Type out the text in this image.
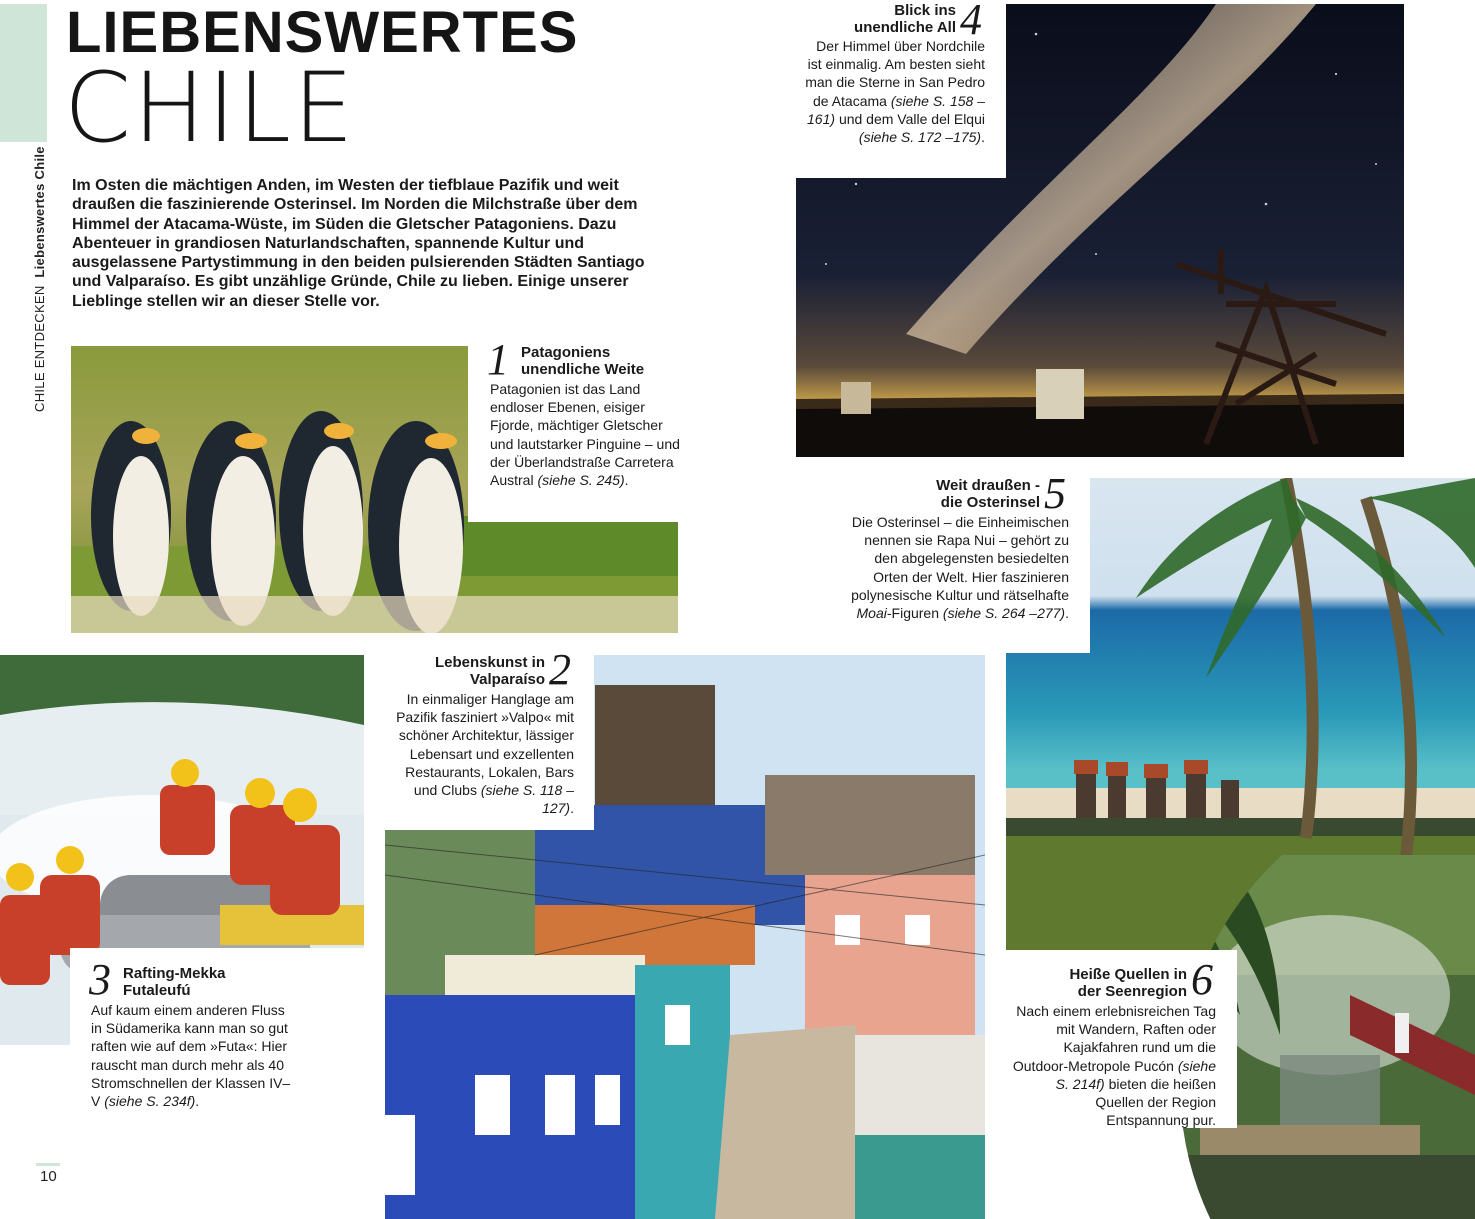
CHILE ENTDECKEN  Liebenswertes Chile
LIEBENSWERTES
CHILE
Im Osten die mächtigen Anden, im Westen der tiefblaue Pazifik und weit draußen die faszinierende Osterinsel. Im Norden die Milchstraße über dem Himmel der Atacama-Wüste, im Süden die Gletscher Patagoniens. Dazu Abenteuer in grandiosen Naturlandschaften, spannende Kultur und ausgelassene Partystimmung in den beiden pulsierenden Städten Santiago und Valparaíso. Es gibt unzählige Gründe, Chile zu lieben. Einige unserer Lieblinge stellen wir an dieser Stelle vor.
1 Patagoniens
unendliche Weite
Patagonien ist das Land endloser Ebenen, eisiger Fjorde, mächtiger Gletscher und lautstarker Pinguine – und der Überlandstraße Carretera Austral (siehe S. 245).
Blick ins
unendliche All 4
Der Himmel über Nordchile ist einmalig. Am besten sieht man die Sterne in San Pedro de Atacama (siehe S. 158 –161) und dem Valle del Elqui (siehe S. 172 –175).
3 Rafting-Mekka
Futaleufú
Auf kaum einem anderen Fluss in Südamerika kann man so gut raften wie auf dem »Futa«: Hier rauscht man durch mehr als 40 Stromschnellen der Klassen IV–V (siehe S. 234f).
Lebenskunst in
Valparaíso 2
In einmaliger Hanglage am Pazifik fasziniert »Valpo« mit schöner Architektur, lässiger Lebensart und exzellenten Restaurants, Lokalen, Bars und Clubs (siehe S. 118 –127).
Weit draußen -
die Osterinsel 5
Die Osterinsel – die Einheimischen nennen sie Rapa Nui – gehört zu den abgelegensten besiedelten Orten der Welt. Hier faszinieren polynesische Kultur und rätselhafte Moai-Figuren (siehe S. 264 –277).
Heiße Quellen in
der Seenregion 6
Nach einem erlebnisreichen Tag mit Wandern, Raften oder Kajakfahren rund um die Outdoor-Metropole Pucón (siehe S. 214f) bieten die heißen Quellen der Region Entspannung pur.
10
